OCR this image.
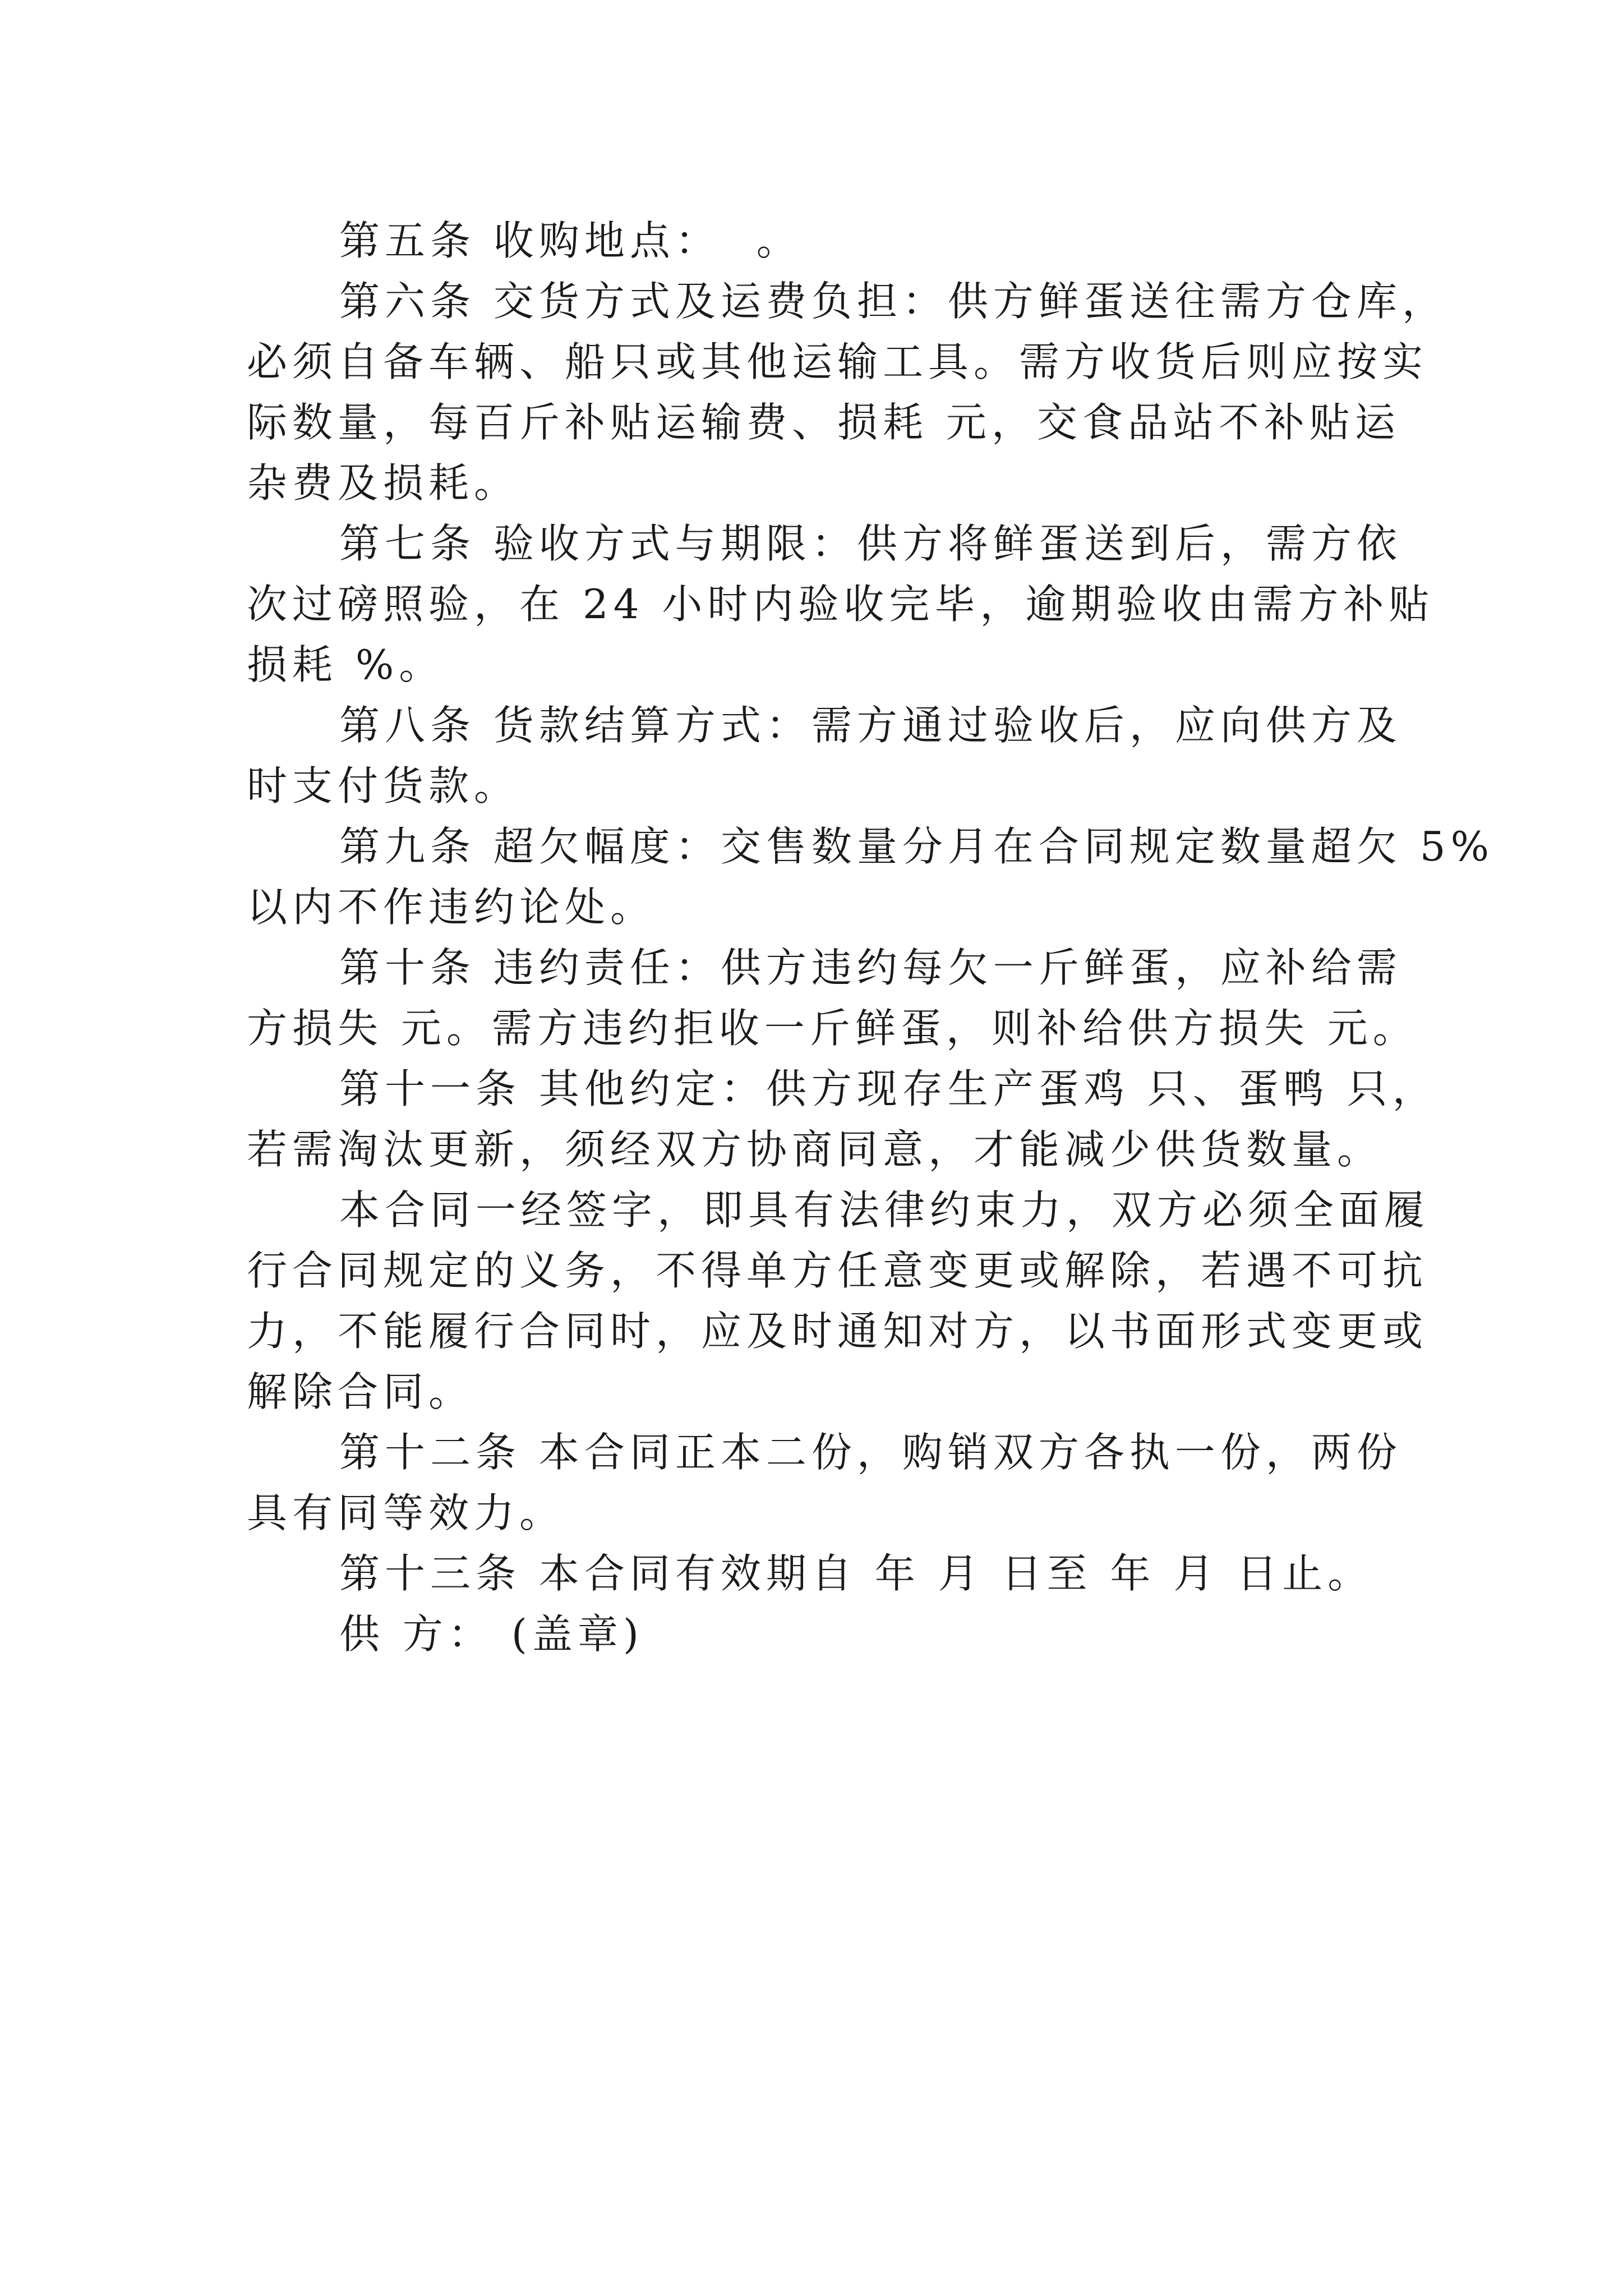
第五条 收购地点：  。
第六条 交货方式及运费负担：供方鲜蛋送往需方仓库，
必须自备车辆、船只或其他运输工具。需方收货后则应按实
际数量，每百斤补贴运输费、损耗 元，交食品站不补贴运
杂费及损耗。
第七条 验收方式与期限：供方将鲜蛋送到后，需方依
次过磅照验，在 24 小时内验收完毕，逾期验收由需方补贴
损耗 %。
第八条 货款结算方式：需方通过验收后，应向供方及
时支付货款。
第九条 超欠幅度：交售数量分月在合同规定数量超欠 5%
以内不作违约论处。
第十条 违约责任：供方违约每欠一斤鲜蛋，应补给需
方损失 元。需方违约拒收一斤鲜蛋，则补给供方损失 元。
第十一条 其他约定：供方现存生产蛋鸡 只、蛋鸭 只，
若需淘汰更新，须经双方协商同意，才能减少供货数量。
本合同一经签字，即具有法律约束力，双方必须全面履
行合同规定的义务，不得单方任意变更或解除，若遇不可抗
力，不能履行合同时，应及时通知对方，以书面形式变更或
解除合同。
第十二条 本合同正本二份，购销双方各执一份，两份
具有同等效力。
第十三条 本合同有效期自 年 月 日至 年 月 日止。
供 方： (盖章)
